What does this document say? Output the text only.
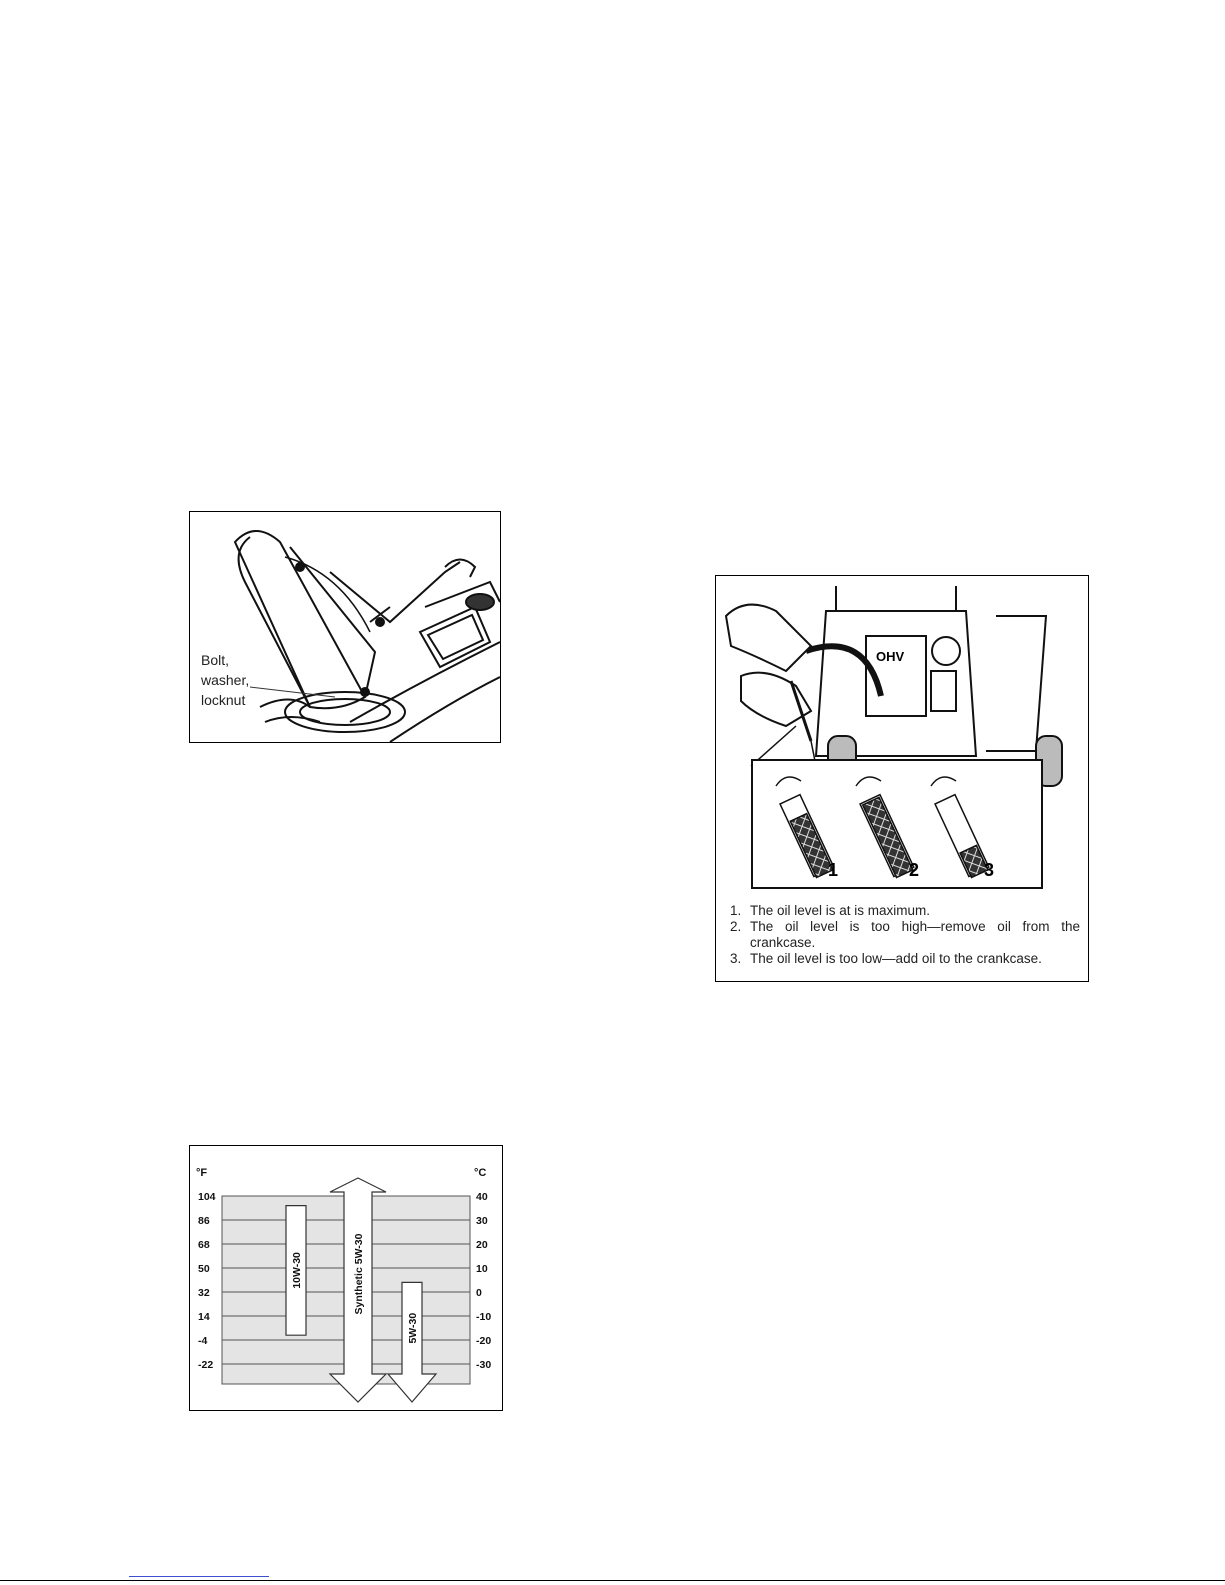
Bolt,
washer,
locknut
104	40
86	30
68	20
50	10
32	0
14	-10
-4	-20
-22	-30
°F	°C
10W-30	Synthetic 5W-30
5W-30
1	2	3
OHV
1. The oil level is at is maximum.
2. The oil level is too high—remove oil from the crankcase.
3. The oil level is too low—add oil to the crankcase.
